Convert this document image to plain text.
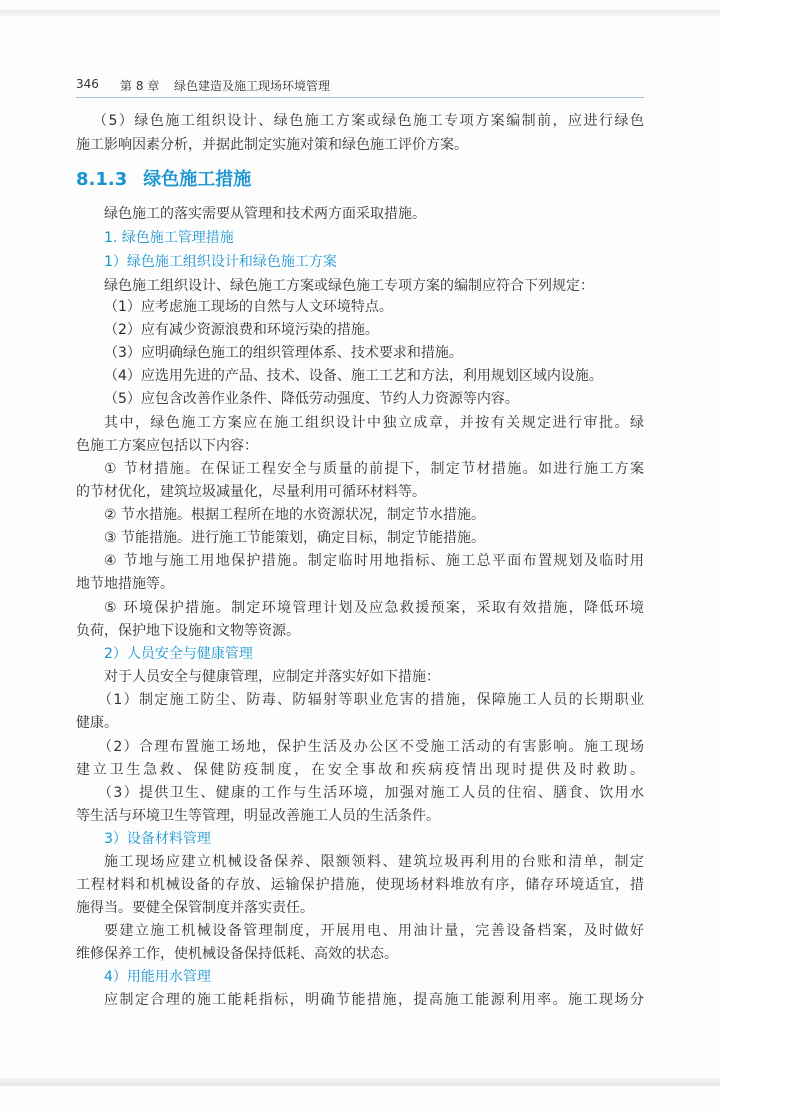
346 第 8 章 绿色建造及施工现场环境管理
（5）绿色施工组织设计、绿色施工方案或绿色施工专项方案编制前，应进行绿色
施工影响因素分析，并据此制定实施对策和绿色施工评价方案。
8.1.3 绿色施工措施
绿色施工的落实需要从管理和技术两方面采取措施。
1. 绿色施工管理措施
1）绿色施工组织设计和绿色施工方案
绿色施工组织设计、绿色施工方案或绿色施工专项方案的编制应符合下列规定：
（1）应考虑施工现场的自然与人文环境特点。
（2）应有减少资源浪费和环境污染的措施。
（3）应明确绿色施工的组织管理体系、技术要求和措施。
（4）应选用先进的产品、技术、设备、施工工艺和方法，利用规划区域内设施。
（5）应包含改善作业条件、降低劳动强度、节约人力资源等内容。
其中，绿色施工方案应在施工组织设计中独立成章，并按有关规定进行审批。绿
色施工方案应包括以下内容：
① 节材措施。在保证工程安全与质量的前提下，制定节材措施。如进行施工方案
的节材优化，建筑垃圾减量化，尽量利用可循环材料等。
② 节水措施。根据工程所在地的水资源状况，制定节水措施。
③ 节能措施。进行施工节能策划，确定目标，制定节能措施。
④ 节地与施工用地保护措施。制定临时用地指标、施工总平面布置规划及临时用
地节地措施等。
⑤ 环境保护措施。制定环境管理计划及应急救援预案，采取有效措施，降低环境
负荷，保护地下设施和文物等资源。
2）人员安全与健康管理
对于人员安全与健康管理，应制定并落实好如下措施：
（1）制定施工防尘、防毒、防辐射等职业危害的措施，保障施工人员的长期职业
健康。
（2）合理布置施工场地，保护生活及办公区不受施工活动的有害影响。施工现场
建立卫生急救、保健防疫制度，在安全事故和疾病疫情出现时提供及时救助。
（3）提供卫生、健康的工作与生活环境，加强对施工人员的住宿、膳食、饮用水
等生活与环境卫生等管理，明显改善施工人员的生活条件。
3）设备材料管理
施工现场应建立机械设备保养、限额领料、建筑垃圾再利用的台账和清单，制定
工程材料和机械设备的存放、运输保护措施，使现场材料堆放有序，储存环境适宜，措
施得当。要健全保管制度并落实责任。
要建立施工机械设备管理制度，开展用电、用油计量，完善设备档案，及时做好
维修保养工作，使机械设备保持低耗、高效的状态。
4）用能用水管理
应制定合理的施工能耗指标，明确节能措施，提高施工能源利用率。施工现场分
